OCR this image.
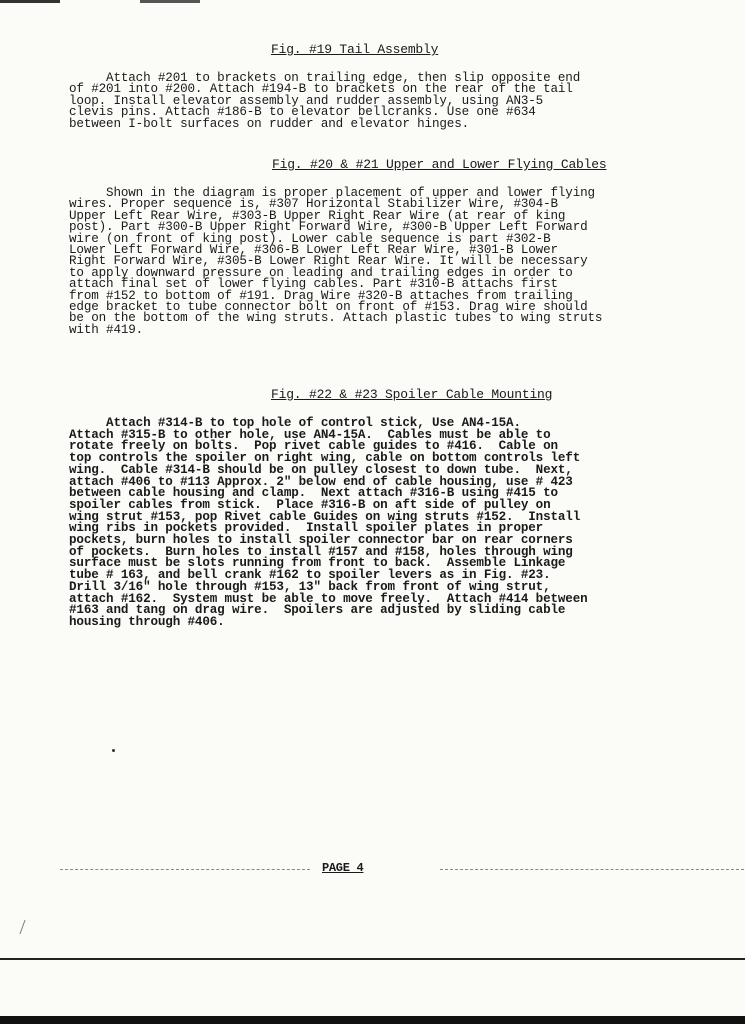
Fig. #19 Tail Assembly
Attach #201 to brackets on trailing edge, then slip opposite end
of #201 into #200. Attach #194-B to brackets on the rear of the tail
loop. Install elevator assembly and rudder assembly, using AN3-5
clevis pins. Attach #186-B to elevator bellcranks. Use one #634
between I-bolt surfaces on rudder and elevator hinges.
Fig. #20 & #21 Upper and Lower Flying Cables
Shown in the diagram is proper placement of upper and lower flying
wires. Proper sequence is, #307 Horizontal Stabilizer Wire, #304-B
Upper Left Rear Wire, #303-B Upper Right Rear Wire (at rear of king
post). Part #300-B Upper Right Forward Wire, #300-B Upper Left Forward
wire (on front of king post). Lower cable sequence is part #302-B
Lower Left Forward Wire, #306-B Lower Left Rear Wire, #301-B Lower
Right Forward Wire, #305-B Lower Right Rear Wire. It will be necessary
to apply downward pressure on leading and trailing edges in order to
attach final set of lower flying cables. Part #310-B attachs first
from #152 to bottom of #191. Drag Wire #320-B attaches from trailing
edge bracket to tube connector bolt on front of #153. Drag wire should
be on the bottom of the wing struts. Attach plastic tubes to wing struts
with #419.
Fig. #22 & #23 Spoiler Cable Mounting
Attach #314-B to top hole of control stick, Use AN4-15A.
Attach #315-B to other hole, use AN4-15A.  Cables must be able to
rotate freely on bolts.  Pop rivet cable guides to #416.  Cable on
top controls the spoiler on right wing, cable on bottom controls left
wing.  Cable #314-B should be on pulley closest to down tube.  Next,
attach #406 to #113 Approx. 2" below end of cable housing, use # 423
between cable housing and clamp.  Next attach #316-B using #415 to
spoiler cables from stick.  Place #316-B on aft side of pulley on
wing strut #153, pop Rivet cable Guides on wing struts #152.  Install
wing ribs in pockets provided.  Install spoiler plates in proper
pockets, burn holes to install spoiler connector bar on rear corners
of pockets.  Burn holes to install #157 and #158, holes through wing
surface must be slots running from front to back.  Assemble Linkage
tube # 163, and bell crank #162 to spoiler levers as in Fig. #23.
Drill 3/16" hole through #153, 13" back from front of wing strut,
attach #162.  System must be able to move freely.  Attach #414 between
#163 and tang on drag wire.  Spoilers are adjusted by sliding cable
housing through #406.
PAGE 4
